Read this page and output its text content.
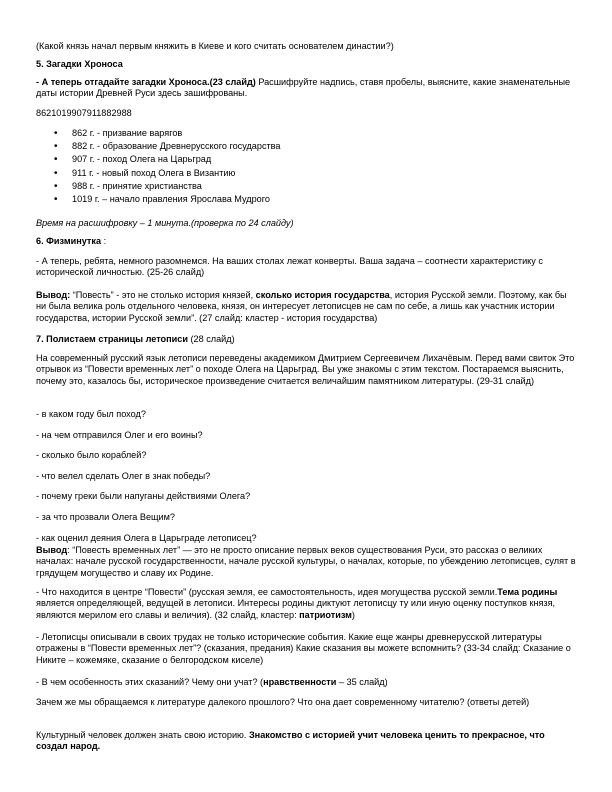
(Какой князь начал первым княжить в Киеве и кого считать основателем династии?)

5. Загадки Хроноса

- А теперь отгадайте загадки Хроноса.(23 слайд) Расшифруйте надпись, ставя пробелы, выясните, какие знаменательные даты истории Древней Руси здесь зашифрованы.

8621019907911882988

• 862 г. - призвание варягов
• 882 г. - образование Древнерусского государства
• 907 г. - поход Олега на Царьград
• 911 г. - новый поход Олега в Византию
• 988 г. - принятие христианства
• 1019 г. – начало правления Ярослава Мудрого

Время на расшифровку – 1 минута.(проверка по 24 слайду)

6. Физминутка :

- А теперь, ребята, немного разомнемся. На ваших столах лежат конверты. Ваша задача – соотнести характеристику с исторической личностью. (25-26 слайд)

Вывод: “Повесть” - это не столько история князей, сколько история государства, история Русской земли. Поэтому, как бы ни была велика роль отдельного человека, князя, он интересует летописцев не сам по себе, а лишь как участник истории государства, истории Русской земли”. (27 слайд: кластер - история государства)

7. Полистаем страницы летописи (28 слайд)

На современный русский язык летописи переведены академиком Дмитрием Сергеевичем Лихачёвым. Перед вами свиток Это отрывок из “Повести временных лет” о походе Олега на Царьград. Вы уже знакомы с этим текстом. Постараемся выяснить, почему это, казалось бы, историческое произведение считается величайшим памятником литературы. (29-31 слайд)

- в каком году был поход?

- на чем отправился Олег и его воины?

- сколько было кораблей?

- что велел сделать Олег в знак победы?

- почему греки были напуганы действиями Олега?

- за что прозвали Олега Вещим?

- как оценил деяния Олега в Царьграде летописец?

Вывод: “Повесть временных лет” — это не просто описание первых веков существования Руси, это рассказ о великих началах: начале русской государственности, начале русской культуры, о началах, которые, по убеждению летописцев, сулят в грядущем могущество и славу их Родине.

- Что находится в центре “Повести” (русская земля, ее самостоятельность, идея могущества русской земли.Тема родины является определяющей, ведущей в летописи. Интересы родины диктуют летописцу ту или иную оценку поступков князя, являются мерилом его славы и величия). (32 слайд, кластер: патриотизм)

- Летописцы описывали в своих трудах не только исторические события. Какие еще жанры древнерусской литературы отражены в “Повести временных лет”? (сказания, предания) Какие сказания вы можете вспомнить? (33-34 слайд: Сказание о Никите – кожемяке, сказание о белгородском киселе)

- В чем особенность этих сказаний? Чему они учат? (нравственности – 35 слайд)

Зачем же мы обращаемся к литературе далекого прошлого? Что она дает современному читателю? (ответы детей)

Культурный человек должен знать свою историю. Знакомство с историей учит человека ценить то прекрасное, что создал народ.
